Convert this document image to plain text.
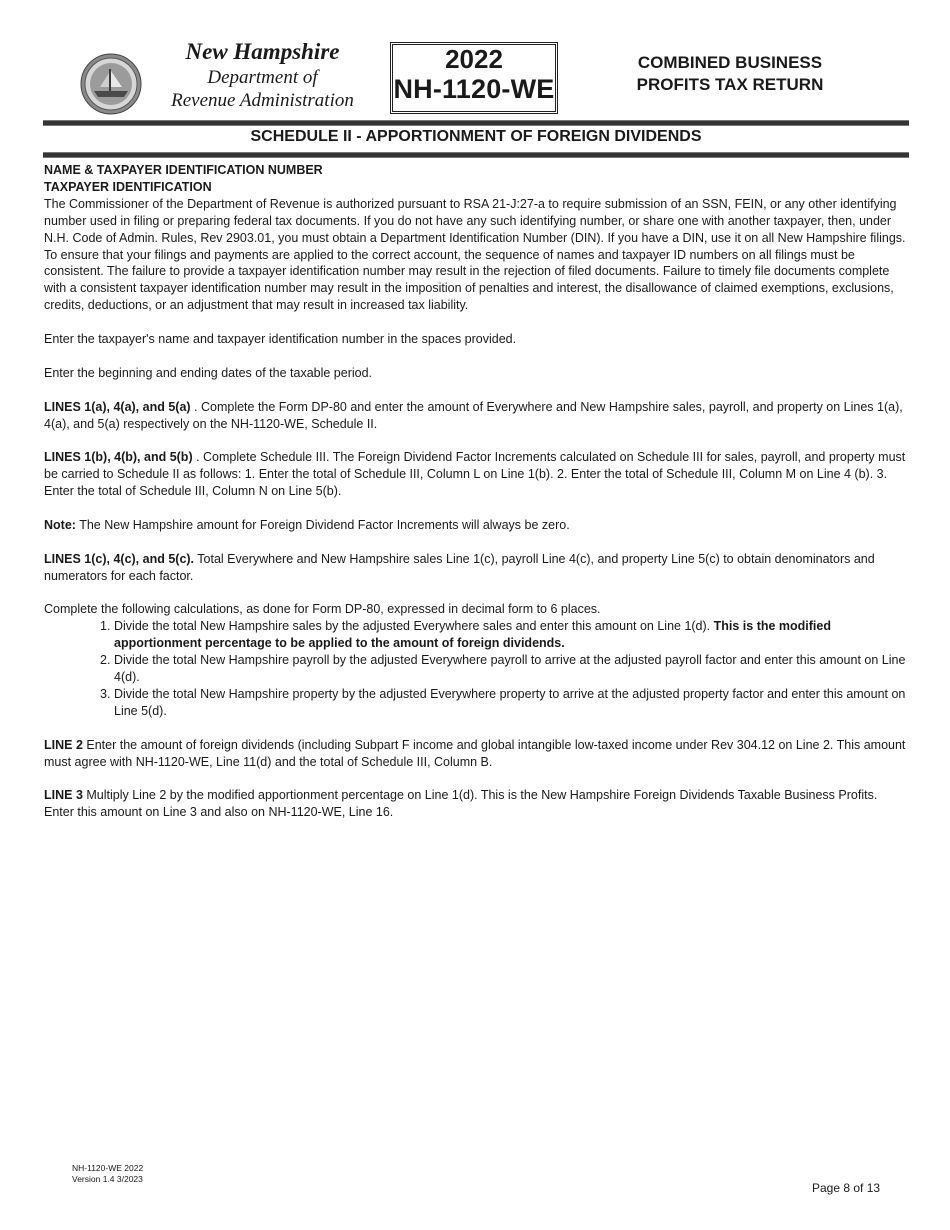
New Hampshire
Department of
Revenue Administration
2022
NH-1120-WE
COMBINED BUSINESS
PROFITS TAX RETURN
SCHEDULE II - APPORTIONMENT OF FOREIGN DIVIDENDS
NAME & TAXPAYER IDENTIFICATION NUMBER
TAXPAYER IDENTIFICATION

The Commissioner of the Department of Revenue is authorized pursuant to RSA 21-J:27-a to require submission of an SSN, FEIN, or any other identifying number used in filing or preparing federal tax documents. If you do not have any such identifying number, or share one with another taxpayer, then, under N.H. Code of Admin. Rules, Rev 2903.01, you must obtain a Department Identification Number (DIN). If you have a DIN, use it on all New Hampshire filings. To ensure that your filings and payments are applied to the correct account, the sequence of names and taxpayer ID numbers on all filings must be consistent. The failure to provide a taxpayer identification number may result in the rejection of filed documents. Failure to timely file documents complete with a consistent taxpayer identification number may result in the imposition of penalties and interest, the disallowance of claimed exemptions, exclusions, credits, deductions, or an adjustment that may result in increased tax liability.

Enter the taxpayer's name and taxpayer identification number in the spaces provided.

Enter the beginning and ending dates of the taxable period.

LINES 1(a), 4(a), and 5(a) . Complete the Form DP-80 and enter the amount of Everywhere and New Hampshire sales, payroll, and property on Lines 1(a), 4(a), and 5(a) respectively on the NH-1120-WE, Schedule II.

LINES 1(b), 4(b), and 5(b) . Complete Schedule III. The Foreign Dividend Factor Increments calculated on Schedule III for sales, payroll, and property must be carried to Schedule II as follows: 1. Enter the total of Schedule III, Column L on Line 1(b). 2. Enter the total of Schedule III, Column M on Line 4 (b). 3. Enter the total of Schedule III, Column N on Line 5(b).

Note: The New Hampshire amount for Foreign Dividend Factor Increments will always be zero.

LINES 1(c), 4(c), and 5(c). Total Everywhere and New Hampshire sales Line 1(c), payroll Line 4(c), and property Line 5(c) to obtain denominators and numerators for each factor.

Complete the following calculations, as done for Form DP-80, expressed in decimal form to 6 places.
1. Divide the total New Hampshire sales by the adjusted Everywhere sales and enter this amount on Line 1(d). This is the modified apportionment percentage to be applied to the amount of foreign dividends.
2. Divide the total New Hampshire payroll by the adjusted Everywhere payroll to arrive at the adjusted payroll factor and enter this amount on Line 4(d).
3. Divide the total New Hampshire property by the adjusted Everywhere property to arrive at the adjusted property factor and enter this amount on Line 5(d).

LINE 2 Enter the amount of foreign dividends (including Subpart F income and global intangible low-taxed income under Rev 304.12 on Line 2. This amount must agree with NH-1120-WE, Line 11(d) and the total of Schedule III, Column B.

LINE 3 Multiply Line 2 by the modified apportionment percentage on Line 1(d). This is the New Hampshire Foreign Dividends Taxable Business Profits. Enter this amount on Line 3 and also on NH-1120-WE, Line 16.

NH-1120-WE 2022
Version 1.4 3/2023
Page 8 of 13
